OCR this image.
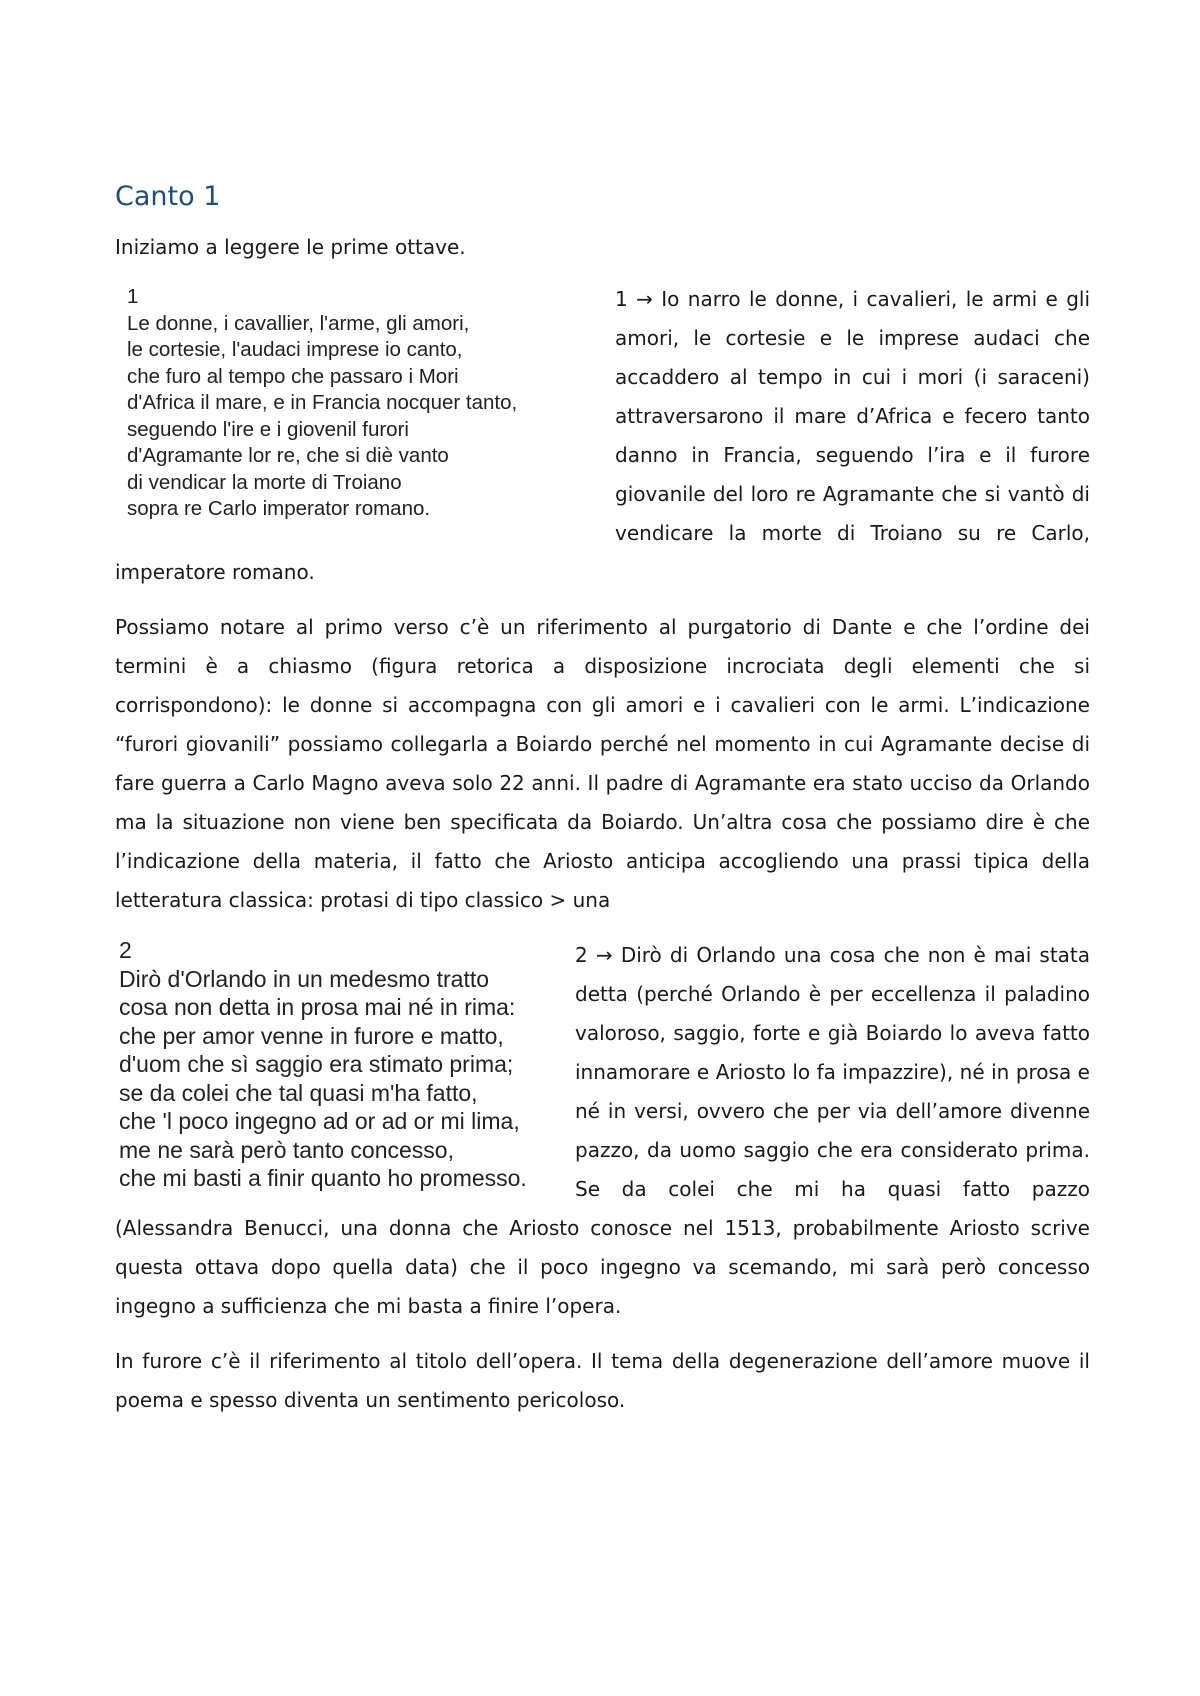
Canto 1

Iniziamo a leggere le prime ottave.

1
Le donne, i cavallier, l'arme, gli amori,
le cortesie, l'audaci imprese io canto,
che furo al tempo che passaro i Mori
d'Africa il mare, e in Francia nocquer tanto,
seguendo l'ire e i giovenil furori
d'Agramante lor re, che si diè vanto
di vendicar la morte di Troiano
sopra re Carlo imperator romano.
1 → Io narro le donne, i cavalieri, le armi e gli amori, le cortesie e le imprese audaci che accaddero al tempo in cui i mori (i saraceni) attraversarono il mare d’Africa e fecero tanto danno in Francia, seguendo l’ira e il furore giovanile del loro re Agramante che si vantò di vendicare la morte di Troiano su re Carlo, imperatore romano.

Possiamo notare al primo verso c’è un riferimento al purgatorio di Dante e che l’ordine dei termini è a chiasmo (figura retorica a disposizione incrociata degli elementi che si corrispondono): le donne si accompagna con gli amori e i cavalieri con le armi. L’indicazione “furori giovanili” possiamo collegarla a Boiardo perché nel momento in cui Agramante decise di fare guerra a Carlo Magno aveva solo 22 anni. Il padre di Agramante era stato ucciso da Orlando ma la situazione non viene ben specificata da Boiardo. Un’altra cosa che possiamo dire è che l’indicazione della materia, il fatto che Ariosto anticipa accogliendo una prassi tipica della letteratura classica: protasi di tipo classico > una

2
Dirò d'Orlando in un medesmo tratto
cosa non detta in prosa mai né in rima:
che per amor venne in furore e matto,
d'uom che sì saggio era stimato prima;
se da colei che tal quasi m'ha fatto,
che 'l poco ingegno ad or ad or mi lima,
me ne sarà però tanto concesso,
che mi basti a finir quanto ho promesso.
2 → Dirò di Orlando una cosa che non è mai stata detta (perché Orlando è per eccellenza il paladino valoroso, saggio, forte e già Boiardo lo aveva fatto innamorare e Ariosto lo fa impazzire), né in prosa e né in versi, ovvero che per via dell’amore divenne pazzo, da uomo saggio che era considerato prima. Se da colei che mi ha quasi fatto pazzo (Alessandra Benucci, una donna che Ariosto conosce nel 1513, probabilmente Ariosto scrive questa ottava dopo quella data) che il poco ingegno va scemando, mi sarà però concesso ingegno a sufficienza che mi basta a finire l’opera.

In furore c’è il riferimento al titolo dell’opera. Il tema della degenerazione dell’amore muove il poema e spesso diventa un sentimento pericoloso.
